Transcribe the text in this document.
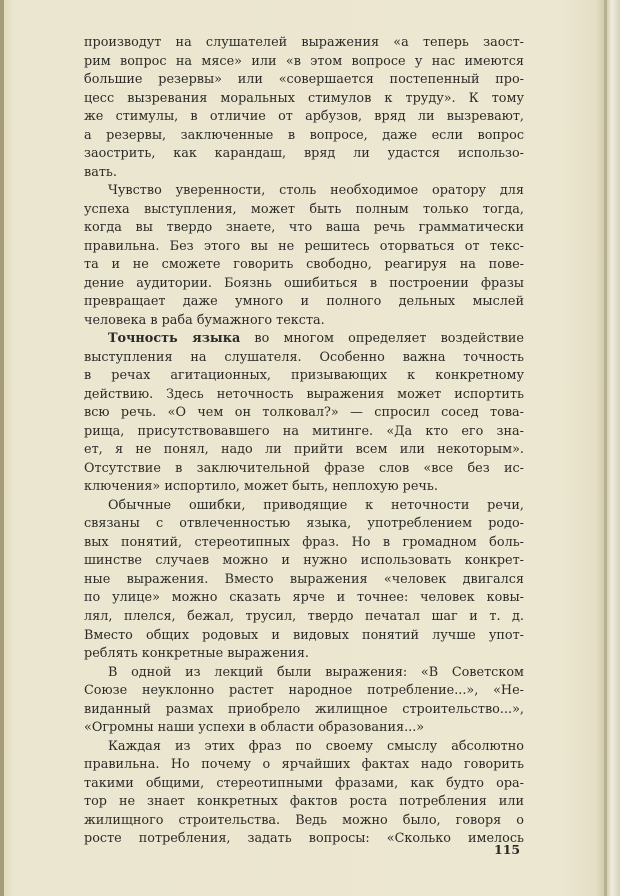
производут на слушателей выражения «а теперь заост-
рим вопрос на мясе» или «в этом вопросе у нас имеются
большие резервы» или «совершается постепенный про-
цесс вызревания моральных стимулов к труду». К тому
же стимулы, в отличие от арбузов, вряд ли вызревают,
а резервы, заключенные в вопросе, даже если вопрос
заострить, как карандаш, вряд ли удастся использо-
вать.
Чувство уверенности, столь необходимое оратору для
успеха выступления, может быть полным только тогда,
когда вы твердо знаете, что ваша речь грамматически
правильна. Без этого вы не решитесь оторваться от текс-
та и не сможете говорить свободно, реагируя на пове-
дение аудитории. Боязнь ошибиться в построении фразы
превращает даже умного и полного дельных мыслей
человека в раба бумажного текста.
Точность языка во многом определяет воздействие
выступления на слушателя. Особенно важна точность
в речах агитационных, призывающих к конкретному
действию. Здесь неточность выражения может испортить
всю речь. «О чем он толковал?» — спросил сосед това-
рища, присутствовавшего на митинге. «Да кто его зна-
ет, я не понял, надо ли прийти всем или некоторым».
Отсутствие в заключительной фразе слов «все без ис-
ключения» испортило, может быть, неплохую речь.
Обычные ошибки, приводящие к неточности речи,
связаны с отвлеченностью языка, употреблением родо-
вых понятий, стереотипных фраз. Но в громадном боль-
шинстве случаев можно и нужно использовать конкрет-
ные выражения. Вместо выражения «человек двигался
по улице» можно сказать ярче и точнее: человек ковы-
лял, плелся, бежал, трусил, твердо печатал шаг и т. д.
Вместо общих родовых и видовых понятий лучше упот-
реблять конкретные выражения.
В одной из лекций были выражения: «В Советском
Союзе неуклонно растет народное потребление...», «Не-
виданный размах приобрело жилищное строительство...»,
«Огромны наши успехи в области образования...»
Каждая из этих фраз по своему смыслу абсолютно
правильна. Но почему о ярчайших фактах надо говорить
такими общими, стереотипными фразами, как будто ора-
тор не знает конкретных фактов роста потребления или
жилищного строительства. Ведь можно было, говоря о
росте потребления, задать вопросы: «Сколько имелось
115
